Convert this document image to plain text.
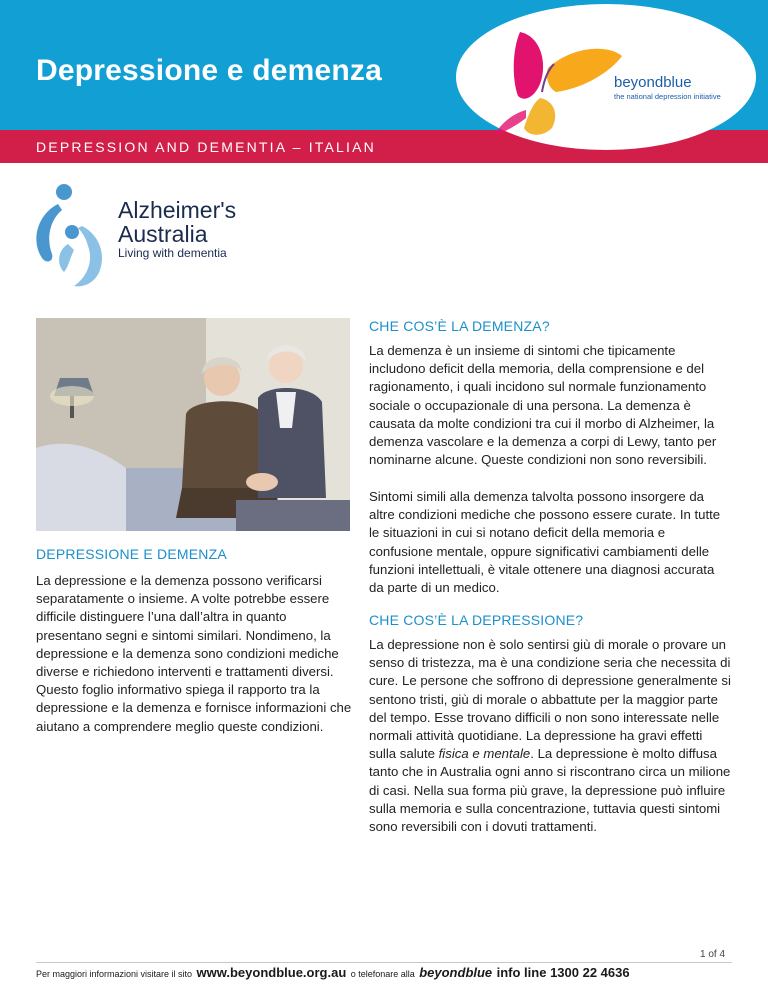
Depressione e demenza
DEPRESSION AND DEMENTIA – ITALIAN
beyondblue
the national depression initiative
Alzheimer's Australia
Living with dementia
CHE COS’È LA DEMENZA?
La demenza è un insieme di sintomi che tipicamente includono deficit della memoria, della comprensione e del ragionamento, i quali incidono sul normale funzionamento sociale o occupazionale di una persona. La demenza è causata da molte condizioni tra cui il morbo di Alzheimer, la demenza vascolare e la demenza a corpi di Lewy, tanto per nominarne alcune. Queste condizioni non sono reversibili.
Sintomi simili alla demenza talvolta possono insorgere da altre condizioni mediche che possono essere curate. In tutte le situazioni in cui si notano deficit della memoria e confusione mentale, oppure significativi cambiamenti delle funzioni intellettuali, è vitale ottenere una diagnosi accurata da parte di un medico.
DEPRESSIONE E DEMENZA
La depressione e la demenza possono verificarsi separatamente o insieme. A volte potrebbe essere difficile distinguere l’una dall’altra in quanto presentano segni e sintomi similari. Nondimeno, la depressione e la demenza sono condizioni mediche diverse e richiedono interventi e trattamenti diversi. Questo foglio informativo spiega il rapporto tra la depressione e la demenza e fornisce informazioni che aiutano a comprendere meglio queste condizioni.
CHE COS’È LA DEPRESSIONE?
La depressione non è solo sentirsi giù di morale o provare un senso di tristezza, ma è una condizione seria che necessita di cure. Le persone che soffrono di depressione generalmente si sentono tristi, giù di morale o abbattute per la maggior parte del tempo. Esse trovano difficili o non sono interessate nelle normali attività quotidiane. La depressione ha gravi effetti sulla salute fisica e mentale. La depressione è molto diffusa tanto che in Australia ogni anno si riscontrano circa un milione di casi. Nella sua forma più grave, la depressione può influire sulla memoria e sulla concentrazione, tuttavia questi sintomi sono reversibili con i dovuti trattamenti.
1 of 4
Per maggiori informazioni visitare il sito www.beyondblue.org.au o telefonare alla beyondblue info line 1300 22 4636
